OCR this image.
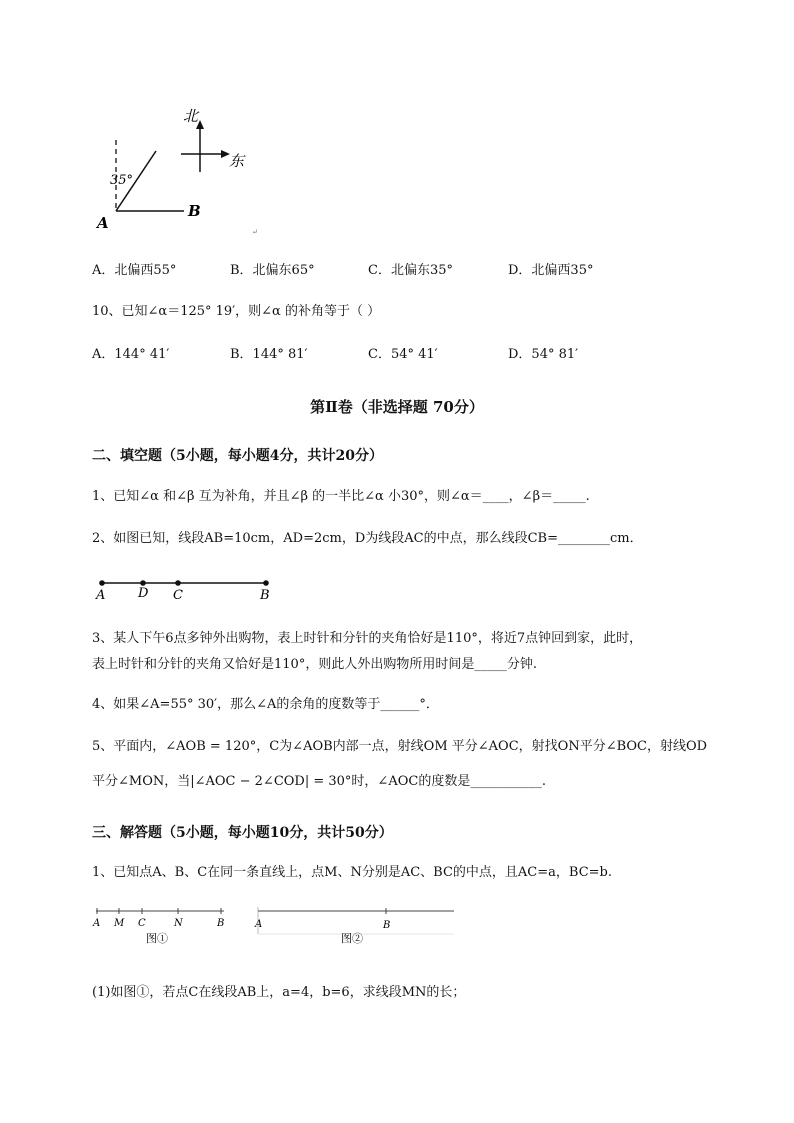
北
东
35°
A
B
↵
A．北偏西55°	B．北偏东65°	C．北偏东35°	D．北偏西35°
10、已知∠α＝125° 19′，则∠α 的补角等于（ ）
A．144° 41′	B．144° 81′	C．54° 41′	D．54° 81′
第Ⅱ卷（非选择题 70分）
二、填空题（5小题，每小题4分，共计20分）
1、已知∠α 和∠β 互为补角，并且∠β 的一半比∠α 小30°，则∠α＝____，∠β＝_____.
2、如图已知，线段AB=10cm，AD=2cm，D为线段AC的中点，那么线段CB=________cm．
A	D C	B
3、某人下午6点多钟外出购物，表上时针和分针的夹角恰好是110°，将近7点钟回到家，此时，
表上时针和分针的夹角又恰好是110°，则此人外出购物所用时间是_____分钟.
4、如果∠A=55° 30′，那么∠A的余角的度数等于______°．
5、平面内，∠AOB = 120°，C为∠AOB内部一点，射线OM 平分∠AOC，射找ON平分∠BOC，射线OD
平分∠MON，当|∠AOC − 2∠COD| = 30°时，∠AOC的度数是___________.
三、解答题（5小题，每小题10分，共计50分）
1、已知点A、B、C在同一条直线上，点M、N分别是AC、BC的中点，且AC=a，BC=b.
A M C	N	B
图①
A	B
图②
(1)如图①，若点C在线段AB上，a=4，b=6，求线段MN的长；
